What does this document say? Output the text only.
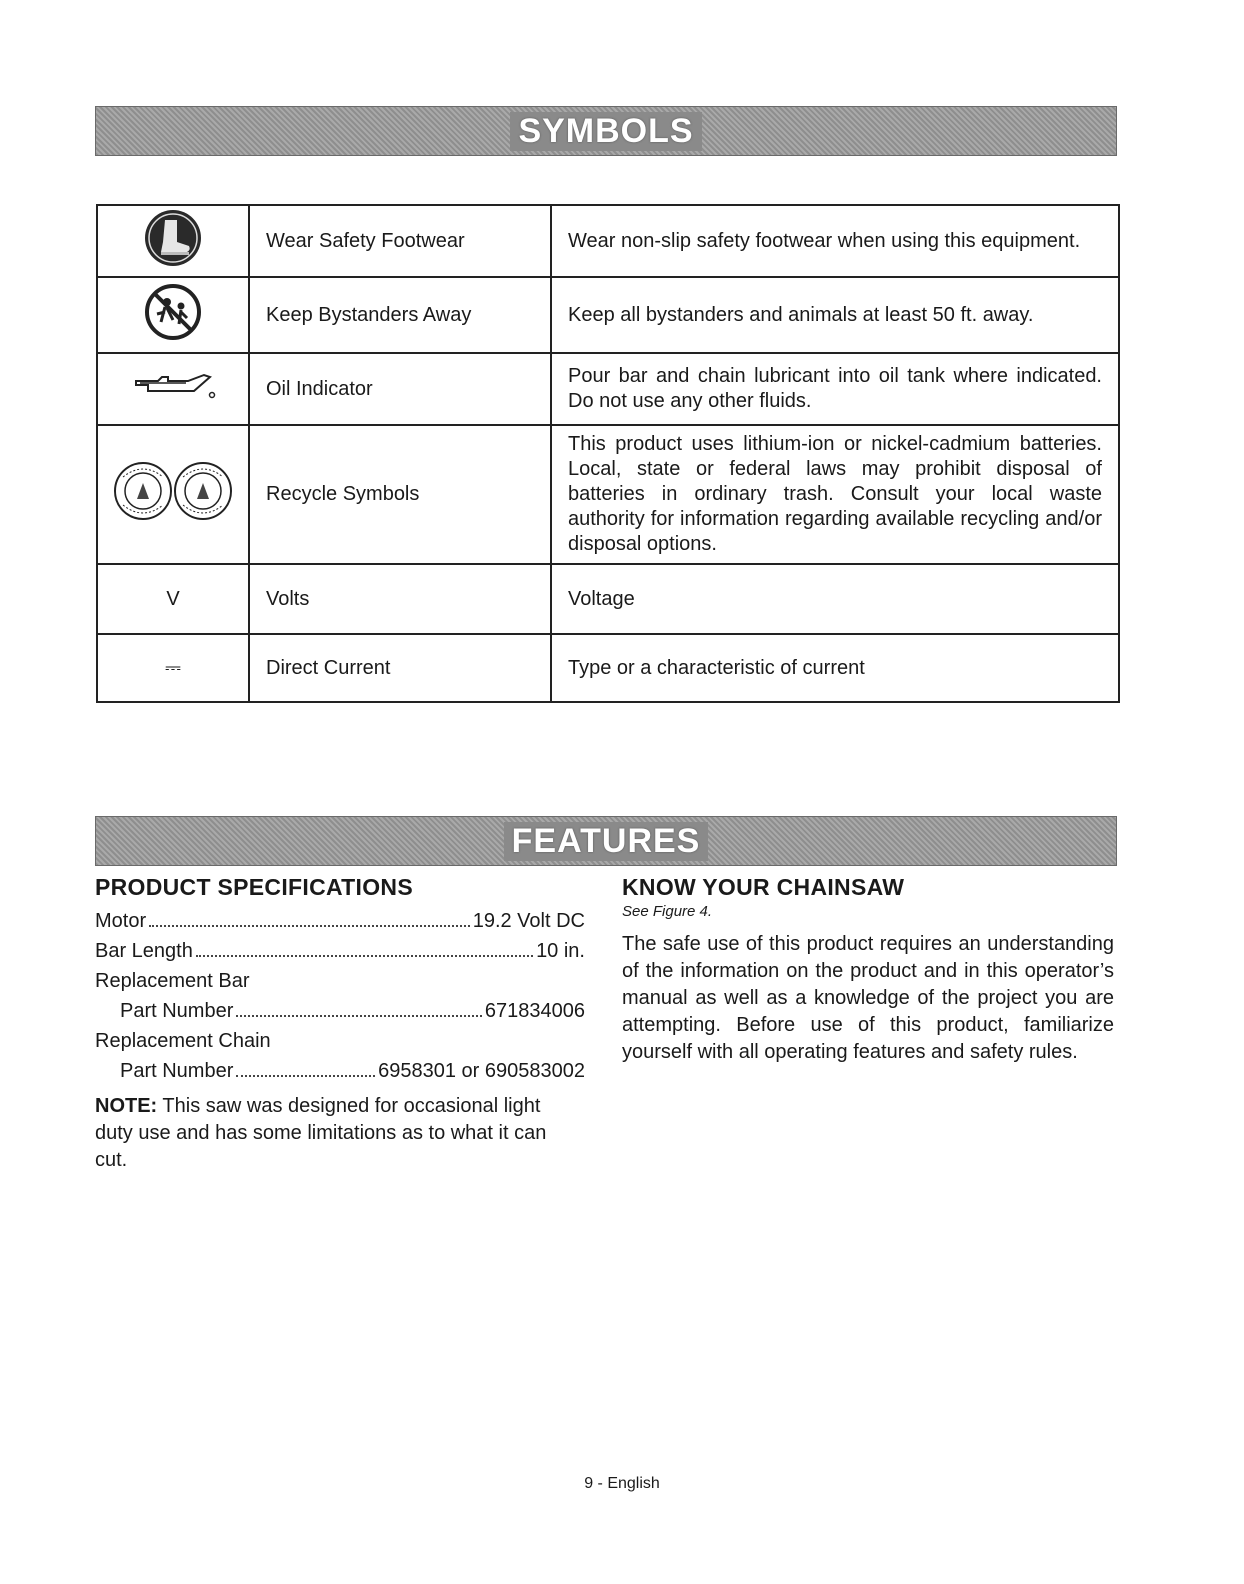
SYMBOLS
	Wear Safety Footwear	Wear non-slip safety footwear when using this equipment.
	Keep Bystanders Away	Keep all bystanders and animals at least 50 ft. away.
	Oil Indicator	Pour bar and chain lubricant into oil tank where indicated. Do not use any other fluids.
	Recycle Symbols	This product uses lithium-ion or nickel-cadmium batteries. Local, state or federal laws may prohibit disposal of batteries in ordinary trash. Consult your local waste authority for information regarding available recycling and/or disposal options.
V	Volts	Voltage
⎓	Direct Current	Type or a characteristic of current
FEATURES
PRODUCT SPECIFICATIONS
Motor	19.2 Volt DC
Bar Length	10 in.
Replacement Bar
Part Number	671834006
Replacement Chain
Part Number	6958301 or 690583002

NOTE: This saw was designed for occasional light duty use and has some limitations as to what it can cut.

KNOW YOUR CHAINSAW

See Figure 4.

The safe use of this product requires an understanding of the information on the product and in this operator’s manual as well as a knowledge of the project you are attempting. Before use of this product, familiarize yourself with all operating features and safety rules.

9 - English
